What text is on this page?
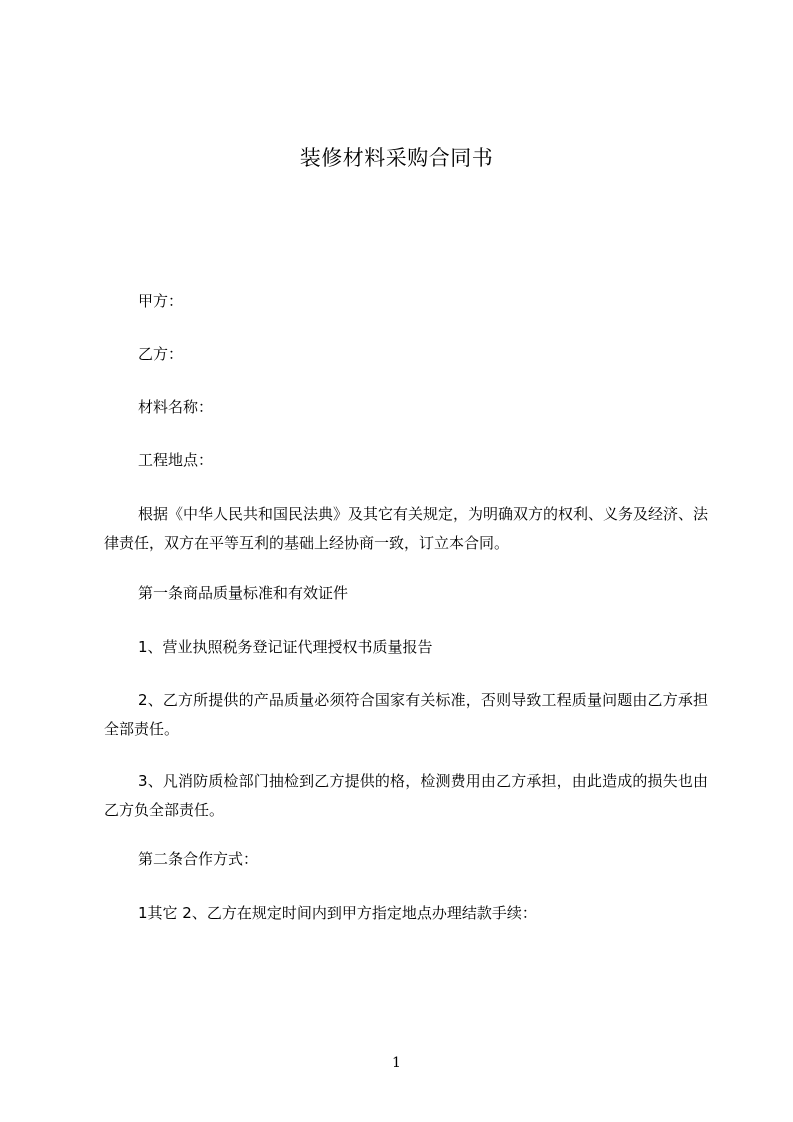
装修材料采购合同书
甲方：
乙方：
材料名称：
工程地点：
根据《中华人民共和国民法典》及其它有关规定，为明确双方的权利、义务及经济、法律责任，双方在平等互利的基础上经协商一致，订立本合同。
第一条商品质量标准和有效证件
1、营业执照税务登记证代理授权书质量报告
2、乙方所提供的产品质量必须符合国家有关标准，否则导致工程质量问题由乙方承担全部责任。
3、凡消防质检部门抽检到乙方提供的格，检测费用由乙方承担，由此造成的损失也由乙方负全部责任。
第二条合作方式：
1其它 2、乙方在规定时间内到甲方指定地点办理结款手续：
1
